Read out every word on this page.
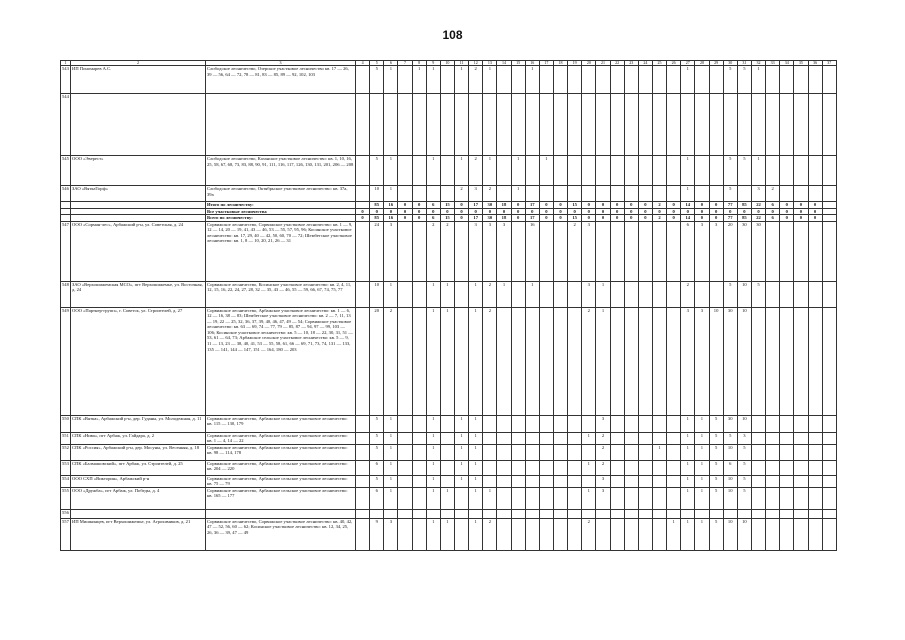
108
1	2	3	4	5	6	7	8	9	10	11	12	13	14	15	16	17	18	19	20	21	22	23	24	25	26	27	28	29	30	31	32	33	34	35	36	37
543	ИП Пономарев А.С.	Слободское лесничество, Озерское участковое лесничество кв. 17 — 26, 39 — 56, 64 — 72, 78 — 81, 83 — 85, 89 — 92, 102, 103		5	1		1	1		1	2	1			1											1			5	5	1					
544																																				
545	ООО «Эверест»	Слободское лесничество, Казанское участковое лесничество: кв. 1, 10, 16, 25, 58, 67, 68, 73, 83, 88, 90, 91, 111, 116, 117, 126, 130, 131, 201, 206 — 208		5	1			1		1	2	1		1		1										1			5	5	1					
546	ЗАО «ВяткаТорф»	Слободское лесничество, Октябрьское участковое лесничество: кв. 37а, 39а		10	1					2	3	2		1												1			5		3	2				
		Итого по лесничеству:		85	16	0	0	6	15	0	17	30	18	0	17	0	0	15	0	0	0	0	0	2	0	14	0	0	77	85	22	6	0	0	0	
		Все участковые лесничества	0	0	0	0	0	0	0	0	0	0	0	0	0	0	0	0	0	0	0	0	0	0	0	0	0	0	0	0	0	0	0	0	0	
		Всего по лесничеству:	0	85	16	0	0	6	15	0	17	30	18	0	17	0	0	15	0	0	0	0	0	2	0	14	0	0	77	85	22	6	0	0	0	
547	ООО «Сорман-лес», Арбажский р-н, ул. Советская, д. 24	Сорвижское лесничество, Сорвижское участковое лесничество: кв. 1 — 9, 12 — 14, 20 — 19, 41, 43 — 46, 53 — 55, 57, 95, 96; Косинское участковое лесничество: кв. 17, 29, 40 — 42, 50, 60, 70 — 72; Шембетское участковое лесничество: кв. 1, 8 — 10, 20, 21, 26 — 31		24	3			2	2		3	3	3		16			2	3							6	3	3	20	30	30					
548	ЗАО «Верхошижемская МСО», пгт Верхошижемье, ул. Восточная, д. 24	Сорвижское лесничество, Косинское участковое лесничество: кв. 2, 4, 11, 12, 15, 16, 22, 24, 27, 28, 32 — 35, 43 — 46, 55 — 59, 66, 67, 74, 75, 77		10	1			1	1		1	2	1		1				3	1						2			5	10	5					
549	ООО «Партнер-групп», г. Советск, ул. Строителей, д. 27	Сорвижское лесничество, Арбажское участковое лесничество: кв. 1 — 6, 12 — 16, 38 — 83; Шембетское участковое лесничество: кв. 2 — 7, 11, 13 — 19, 22 — 25, 32, 36, 37, 39, 40, 46, 47, 49 — 54; Сорвижское участковое лесничество: кв. 63 — 69, 74 — 77, 79 — 85, 87 — 94, 97 — 99, 103 — 106; Косинское участковое лесничество: кв. 5 — 10, 18 — 22, 30, 31, 51 — 53, 61 — 64, 73; Арбажское сельское участковое лесничество: кв. 5 — 9, 11 — 13, 23 — 38, 40, 41, 53 — 55, 58, 61, 66 — 69, 71, 73, 74, 131 — 133, 135 — 141, 144 — 147, 151 — 164, 180 — 203		20	2			1	1		1	2							2	1						3	3	10	30	10						
550	СПК «Вятка», Арбажский р-н, дер. Гуданы, ул. Молодежная, д. 11	Сорвижское лесничество, Арбажское сельское участковое лесничество: кв. 115 — 130, 179		5	1			1		1	1									3						1	1	5	30	10						
551	СПК «Нива», пгт Арбаж, ул. Гайдара, д. 2	Сорвижское лесничество, Арбажское сельское участковое лесничество: кв. 1 — 4, 14 — 22		5	1			1		1	1								1	2						1	1	5	5	3						
552	СПК «Россия», Арбажский р-н, дер. Мосуны, ул. Весенняя, д. 18	Сорвижское лесничество, Арбажское сельское участковое лесничество: кв. 98 — 114, 178		5	1			1		1	1									2				1		1	1	5	10	5						
553	СПК «Балмашовский», пгт Арбаж, ул. Строителей, д. 25	Сорвижское лесничество, Арбажское сельское участковое лесничество: кв. 204 — 220		6	1			1		1	1								1	2						1	1	5	6	5						
554	ООО СХП «Виктория», Арбажский р-н	Сорвижское лесничество, Арбажское сельское участковое лесничество: кв. 75 — 79		5	1			1		1	1									3						1	1	5	10	5						
555	ООО «Дружба», пгт Арбаж, ул. Победы, д. 4	Сорвижское лесничество, Арбажское сельское участковое лесничество: кв. 165 — 177		6	1			1	1		1	1							1	3						1	1	5	10	5						
556																																				
557	ИП Мишкинцев, пгт Верхошижемье, ул. Агрохимиков, д. 21	Сорвижское лесничество, Сорвижское участковое лесничество: кв. 40, 42, 47 — 52, 56, 60 — 62; Косинское участковое лесничество: кв. 12, 34, 25, 26, 36 — 39, 47 — 49		9	3			1	1		1	2							2						1	1	1	5	10	10						
